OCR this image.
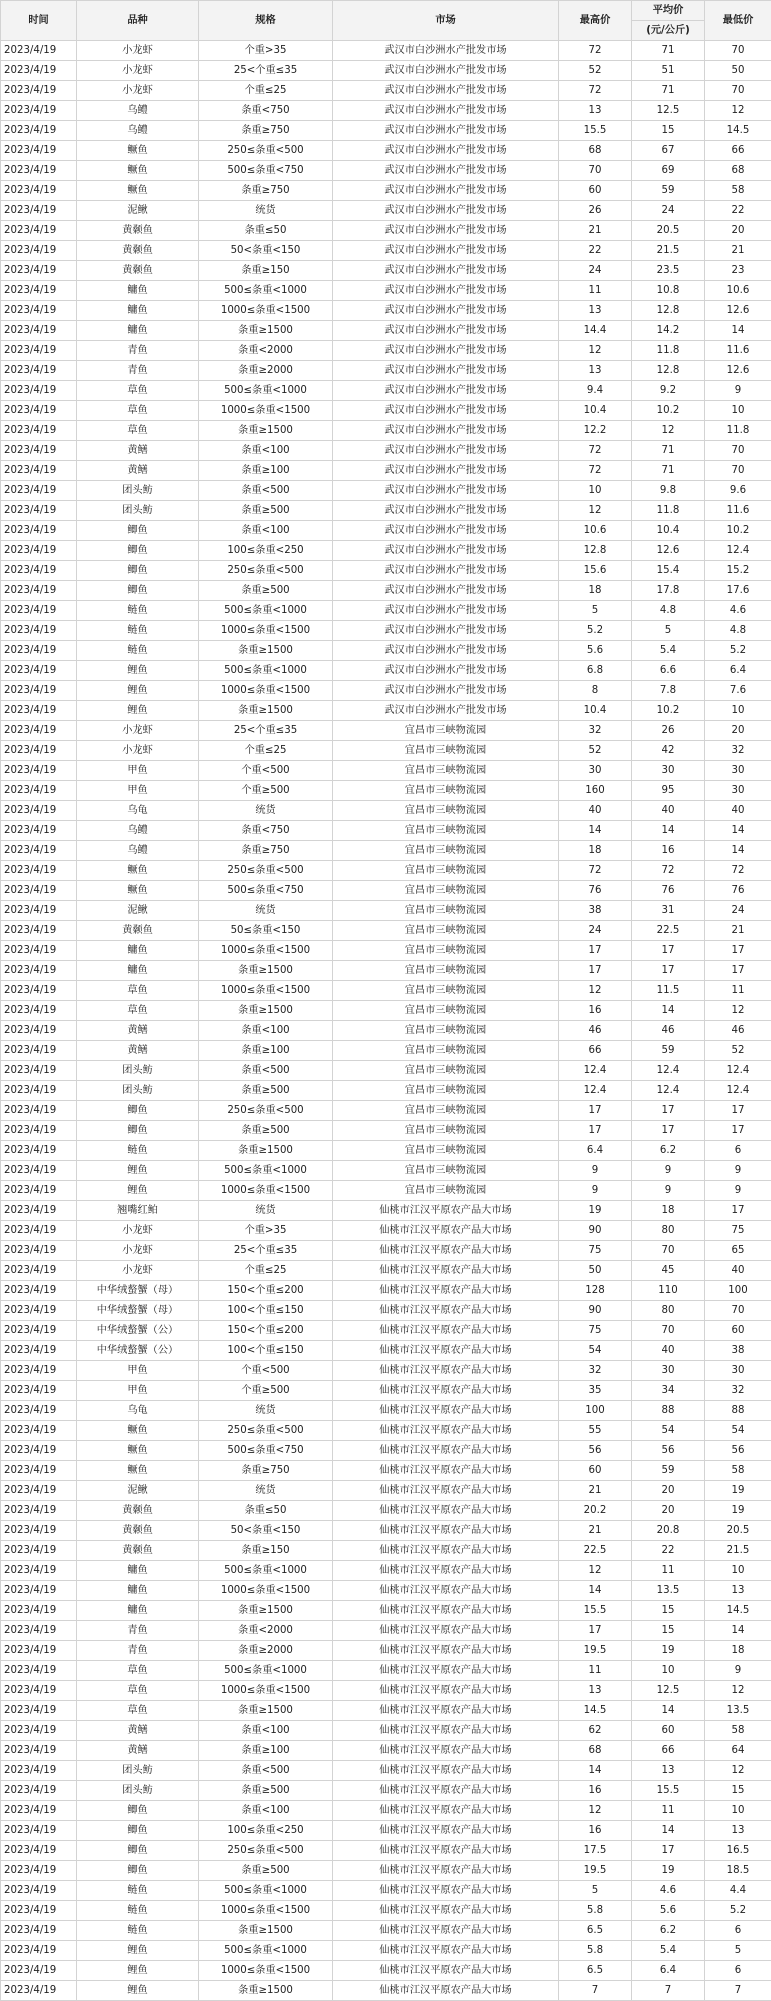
时间	品种	规格	市场	最高价	平均价	最低价
					(元/公斤)	
2023/4/19	小龙虾	个重>35	武汉市白沙洲水产批发市场	72	71	70
2023/4/19	小龙虾	25<个重≤35	武汉市白沙洲水产批发市场	52	51	50
2023/4/19	小龙虾	个重≤25	武汉市白沙洲水产批发市场	72	71	70
2023/4/19	乌鳢	条重<750	武汉市白沙洲水产批发市场	13	12.5	12
2023/4/19	乌鳢	条重≥750	武汉市白沙洲水产批发市场	15.5	15	14.5
2023/4/19	鳜鱼	250≤条重<500	武汉市白沙洲水产批发市场	68	67	66
2023/4/19	鳜鱼	500≤条重<750	武汉市白沙洲水产批发市场	70	69	68
2023/4/19	鳜鱼	条重≥750	武汉市白沙洲水产批发市场	60	59	58
2023/4/19	泥鳅	统货	武汉市白沙洲水产批发市场	26	24	22
2023/4/19	黄颡鱼	条重≤50	武汉市白沙洲水产批发市场	21	20.5	20
2023/4/19	黄颡鱼	50<条重<150	武汉市白沙洲水产批发市场	22	21.5	21
2023/4/19	黄颡鱼	条重≥150	武汉市白沙洲水产批发市场	24	23.5	23
2023/4/19	鳙鱼	500≤条重<1000	武汉市白沙洲水产批发市场	11	10.8	10.6
2023/4/19	鳙鱼	1000≤条重<1500	武汉市白沙洲水产批发市场	13	12.8	12.6
2023/4/19	鳙鱼	条重≥1500	武汉市白沙洲水产批发市场	14.4	14.2	14
2023/4/19	青鱼	条重<2000	武汉市白沙洲水产批发市场	12	11.8	11.6
2023/4/19	青鱼	条重≥2000	武汉市白沙洲水产批发市场	13	12.8	12.6
2023/4/19	草鱼	500≤条重<1000	武汉市白沙洲水产批发市场	9.4	9.2	9
2023/4/19	草鱼	1000≤条重<1500	武汉市白沙洲水产批发市场	10.4	10.2	10
2023/4/19	草鱼	条重≥1500	武汉市白沙洲水产批发市场	12.2	12	11.8
2023/4/19	黄鳝	条重<100	武汉市白沙洲水产批发市场	72	71	70
2023/4/19	黄鳝	条重≥100	武汉市白沙洲水产批发市场	72	71	70
2023/4/19	团头鲂	条重<500	武汉市白沙洲水产批发市场	10	9.8	9.6
2023/4/19	团头鲂	条重≥500	武汉市白沙洲水产批发市场	12	11.8	11.6
2023/4/19	鲫鱼	条重<100	武汉市白沙洲水产批发市场	10.6	10.4	10.2
2023/4/19	鲫鱼	100≤条重<250	武汉市白沙洲水产批发市场	12.8	12.6	12.4
2023/4/19	鲫鱼	250≤条重<500	武汉市白沙洲水产批发市场	15.6	15.4	15.2
2023/4/19	鲫鱼	条重≥500	武汉市白沙洲水产批发市场	18	17.8	17.6
2023/4/19	鲢鱼	500≤条重<1000	武汉市白沙洲水产批发市场	5	4.8	4.6
2023/4/19	鲢鱼	1000≤条重<1500	武汉市白沙洲水产批发市场	5.2	5	4.8
2023/4/19	鲢鱼	条重≥1500	武汉市白沙洲水产批发市场	5.6	5.4	5.2
2023/4/19	鲤鱼	500≤条重<1000	武汉市白沙洲水产批发市场	6.8	6.6	6.4
2023/4/19	鲤鱼	1000≤条重<1500	武汉市白沙洲水产批发市场	8	7.8	7.6
2023/4/19	鲤鱼	条重≥1500	武汉市白沙洲水产批发市场	10.4	10.2	10
2023/4/19	小龙虾	25<个重≤35	宜昌市三峡物流园	32	26	20
2023/4/19	小龙虾	个重≤25	宜昌市三峡物流园	52	42	32
2023/4/19	甲鱼	个重<500	宜昌市三峡物流园	30	30	30
2023/4/19	甲鱼	个重≥500	宜昌市三峡物流园	160	95	30
2023/4/19	乌龟	统货	宜昌市三峡物流园	40	40	40
2023/4/19	乌鳢	条重<750	宜昌市三峡物流园	14	14	14
2023/4/19	乌鳢	条重≥750	宜昌市三峡物流园	18	16	14
2023/4/19	鳜鱼	250≤条重<500	宜昌市三峡物流园	72	72	72
2023/4/19	鳜鱼	500≤条重<750	宜昌市三峡物流园	76	76	76
2023/4/19	泥鳅	统货	宜昌市三峡物流园	38	31	24
2023/4/19	黄颡鱼	50≤条重<150	宜昌市三峡物流园	24	22.5	21
2023/4/19	鳙鱼	1000≤条重<1500	宜昌市三峡物流园	17	17	17
2023/4/19	鳙鱼	条重≥1500	宜昌市三峡物流园	17	17	17
2023/4/19	草鱼	1000≤条重<1500	宜昌市三峡物流园	12	11.5	11
2023/4/19	草鱼	条重≥1500	宜昌市三峡物流园	16	14	12
2023/4/19	黄鳝	条重<100	宜昌市三峡物流园	46	46	46
2023/4/19	黄鳝	条重≥100	宜昌市三峡物流园	66	59	52
2023/4/19	团头鲂	条重<500	宜昌市三峡物流园	12.4	12.4	12.4
2023/4/19	团头鲂	条重≥500	宜昌市三峡物流园	12.4	12.4	12.4
2023/4/19	鲫鱼	250≤条重<500	宜昌市三峡物流园	17	17	17
2023/4/19	鲫鱼	条重≥500	宜昌市三峡物流园	17	17	17
2023/4/19	鲢鱼	条重≥1500	宜昌市三峡物流园	6.4	6.2	6
2023/4/19	鲤鱼	500≤条重<1000	宜昌市三峡物流园	9	9	9
2023/4/19	鲤鱼	1000≤条重<1500	宜昌市三峡物流园	9	9	9
2023/4/19	翘嘴红鲌	统货	仙桃市江汉平原农产品大市场	19	18	17
2023/4/19	小龙虾	个重>35	仙桃市江汉平原农产品大市场	90	80	75
2023/4/19	小龙虾	25<个重≤35	仙桃市江汉平原农产品大市场	75	70	65
2023/4/19	小龙虾	个重≤25	仙桃市江汉平原农产品大市场	50	45	40
2023/4/19	中华绒螯蟹（母）	150<个重≤200	仙桃市江汉平原农产品大市场	128	110	100
2023/4/19	中华绒螯蟹（母）	100<个重≤150	仙桃市江汉平原农产品大市场	90	80	70
2023/4/19	中华绒螯蟹（公）	150<个重≤200	仙桃市江汉平原农产品大市场	75	70	60
2023/4/19	中华绒螯蟹（公）	100<个重≤150	仙桃市江汉平原农产品大市场	54	40	38
2023/4/19	甲鱼	个重<500	仙桃市江汉平原农产品大市场	32	30	30
2023/4/19	甲鱼	个重≥500	仙桃市江汉平原农产品大市场	35	34	32
2023/4/19	乌龟	统货	仙桃市江汉平原农产品大市场	100	88	88
2023/4/19	鳜鱼	250≤条重<500	仙桃市江汉平原农产品大市场	55	54	54
2023/4/19	鳜鱼	500≤条重<750	仙桃市江汉平原农产品大市场	56	56	56
2023/4/19	鳜鱼	条重≥750	仙桃市江汉平原农产品大市场	60	59	58
2023/4/19	泥鳅	统货	仙桃市江汉平原农产品大市场	21	20	19
2023/4/19	黄颡鱼	条重≤50	仙桃市江汉平原农产品大市场	20.2	20	19
2023/4/19	黄颡鱼	50<条重<150	仙桃市江汉平原农产品大市场	21	20.8	20.5
2023/4/19	黄颡鱼	条重≥150	仙桃市江汉平原农产品大市场	22.5	22	21.5
2023/4/19	鳙鱼	500≤条重<1000	仙桃市江汉平原农产品大市场	12	11	10
2023/4/19	鳙鱼	1000≤条重<1500	仙桃市江汉平原农产品大市场	14	13.5	13
2023/4/19	鳙鱼	条重≥1500	仙桃市江汉平原农产品大市场	15.5	15	14.5
2023/4/19	青鱼	条重<2000	仙桃市江汉平原农产品大市场	17	15	14
2023/4/19	青鱼	条重≥2000	仙桃市江汉平原农产品大市场	19.5	19	18
2023/4/19	草鱼	500≤条重<1000	仙桃市江汉平原农产品大市场	11	10	9
2023/4/19	草鱼	1000≤条重<1500	仙桃市江汉平原农产品大市场	13	12.5	12
2023/4/19	草鱼	条重≥1500	仙桃市江汉平原农产品大市场	14.5	14	13.5
2023/4/19	黄鳝	条重<100	仙桃市江汉平原农产品大市场	62	60	58
2023/4/19	黄鳝	条重≥100	仙桃市江汉平原农产品大市场	68	66	64
2023/4/19	团头鲂	条重<500	仙桃市江汉平原农产品大市场	14	13	12
2023/4/19	团头鲂	条重≥500	仙桃市江汉平原农产品大市场	16	15.5	15
2023/4/19	鲫鱼	条重<100	仙桃市江汉平原农产品大市场	12	11	10
2023/4/19	鲫鱼	100≤条重<250	仙桃市江汉平原农产品大市场	16	14	13
2023/4/19	鲫鱼	250≤条重<500	仙桃市江汉平原农产品大市场	17.5	17	16.5
2023/4/19	鲫鱼	条重≥500	仙桃市江汉平原农产品大市场	19.5	19	18.5
2023/4/19	鲢鱼	500≤条重<1000	仙桃市江汉平原农产品大市场	5	4.6	4.4
2023/4/19	鲢鱼	1000≤条重<1500	仙桃市江汉平原农产品大市场	5.8	5.6	5.2
2023/4/19	鲢鱼	条重≥1500	仙桃市江汉平原农产品大市场	6.5	6.2	6
2023/4/19	鲤鱼	500≤条重<1000	仙桃市江汉平原农产品大市场	5.8	5.4	5
2023/4/19	鲤鱼	1000≤条重<1500	仙桃市江汉平原农产品大市场	6.5	6.4	6
2023/4/19	鲤鱼	条重≥1500	仙桃市江汉平原农产品大市场	7	7	7
